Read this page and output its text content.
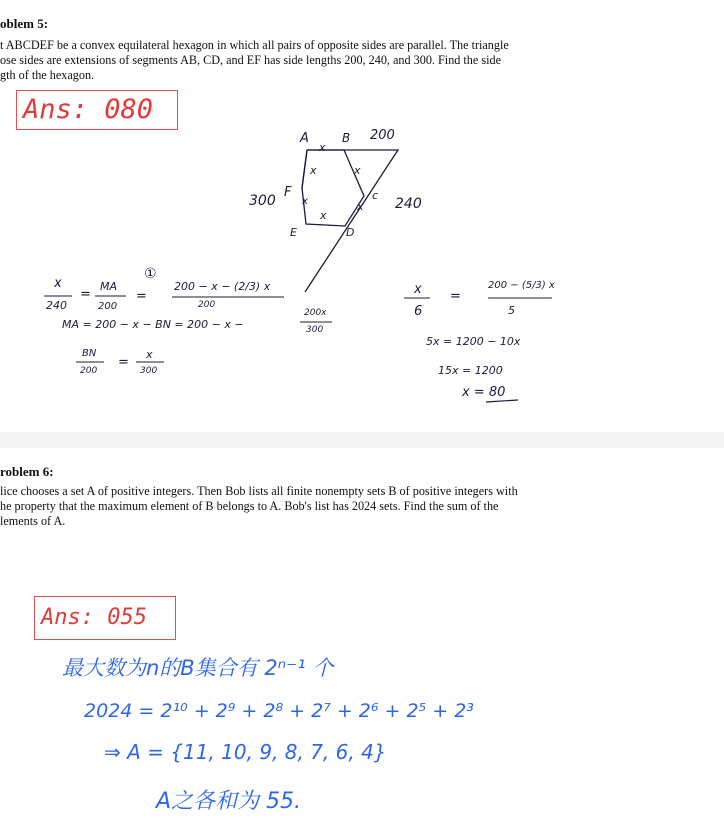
oblem 5:

t ABCDEF be a convex equilateral hexagon in which all pairs of opposite sides are parallel. The triangle

ose sides are extensions of segments AB, CD, and EF has side lengths 200, 240, and 300. Find the side

gth of the hexagon.

Ans: 080
A
x
B 200
x	x
300
F
x	c
240
x
x
E	D
x
240
=
MA
200
=
①
200 − x − (2/3) x
200
MA = 200 − x − BN = 200 − x −
200x
300
BN
200
=
x
300
x
6
=
200 − (5/3) x
5
5x = 1200 − 10x
15x = 1200
x = 80
roblem 6:

lice chooses a set A of positive integers. Then Bob lists all finite nonempty sets B of positive integers with

he property that the maximum element of B belongs to A. Bob's list has 2024 sets. Find the sum of the

lements of A.

Ans: 055
最大数为n的B集合有 2ⁿ⁻¹ 个
2024 = 2¹⁰ + 2⁹ + 2⁸ + 2⁷ + 2⁶ + 2⁵ + 2³
⇒ A = {11, 10, 9, 8, 7, 6, 4}
A之各和为 55.
